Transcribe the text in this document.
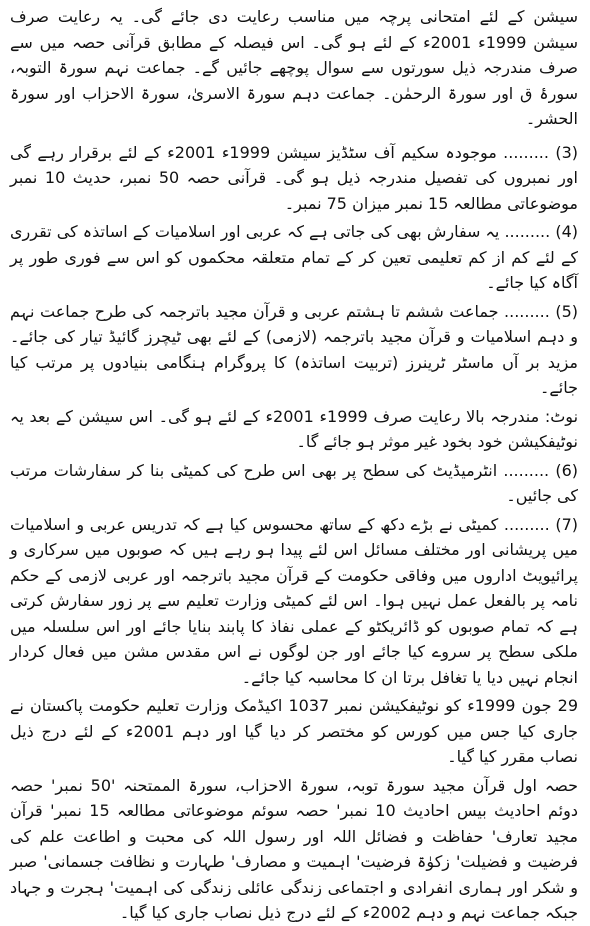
سیشن کے لئے امتحانی پرچہ میں مناسب رعایت دی جائے گی۔ یہ رعایت صرف سیشن 1999ء 2001ء کے لئے ہو گی۔ اس فیصلہ کے مطابق قرآنی حصہ میں سے صرف مندرجہ ذیل سورتوں سے سوال پوچھے جائیں گے۔ جماعت نہم سورۃ التوبہ، سورۂ ق اور سورۃ الرحمٰن۔ جماعت دہم سورۃ الاسریٰ، سورۃ الاحزاب اور سورۃ الحشر۔

(3) ......... موجودہ سکیم آف سٹڈیز سیشن 1999ء 2001ء کے لئے برقرار رہے گی اور نمبروں کی تفصیل مندرجہ ذیل ہو گی۔ قرآنی حصہ 50 نمبر، حدیث 10 نمبر موضوعاتی مطالعہ 15 نمبر میزان 75 نمبر۔

(4) ......... یہ سفارش بھی کی جاتی ہے کہ عربی اور اسلامیات کے اساتذہ کی تقرری کے لئے کم از کم تعلیمی تعین کر کے تمام متعلقہ محکموں کو اس سے فوری طور پر آگاہ کیا جائے۔

(5) ......... جماعت ششم تا ہشتم عربی و قرآن مجید باترجمہ کی طرح جماعت نہم و دہم اسلامیات و قرآن مجید باترجمہ (لازمی) کے لئے بھی ٹیچرز گائیڈ تیار کی جائے۔ مزید بر آں ماسٹر ٹرینرز (تربیت اساتذہ) کا پروگرام ہنگامی بنیادوں پر مرتب کیا جائے۔

نوٹ: مندرجہ بالا رعایت صرف 1999ء 2001ء کے لئے ہو گی۔ اس سیشن کے بعد یہ نوٹیفکیشن خود بخود غیر موثر ہو جائے گا۔

(6) ......... انٹرمیڈیٹ کی سطح پر بھی اس طرح کی کمیٹی بنا کر سفارشات مرتب کی جائیں۔

(7) ......... کمیٹی نے بڑے دکھ کے ساتھ محسوس کیا ہے کہ تدریس عربی و اسلامیات میں پریشانی اور مختلف مسائل اس لئے پیدا ہو رہے ہیں کہ صوبوں میں سرکاری و پرائیویٹ اداروں میں وفاقی حکومت کے قرآن مجید باترجمہ اور عربی لازمی کے حکم نامہ پر بالفعل عمل نہیں ہوا۔ اس لئے کمیٹی وزارت تعلیم سے پر زور سفارش کرتی ہے کہ تمام صوبوں کو ڈائریکٹو کے عملی نفاذ کا پابند بنایا جائے اور اس سلسلہ میں ملکی سطح پر سروے کیا جائے اور جن لوگوں نے اس مقدس مشن میں فعال کردار انجام نہیں دیا یا تغافل برتا ان کا محاسبہ کیا جائے۔

29 جون 1999ء کو نوٹیفکیشن نمبر 1037 اکیڈمک وزارت تعلیم حکومت پاکستان نے جاری کیا جس میں کورس کو مختصر کر دیا گیا اور دہم 2001ء کے لئے درج ذیل نصاب مقرر کیا گیا۔

حصہ اول قرآن مجید سورۃ توبہ، سورۃ الاحزاب، سورۃ الممتحنہ '50 نمبر' حصہ دوئم احادیث بیس احادیث 10 نمبر' حصہ سوئم موضوعاتی مطالعہ 15 نمبر' قرآن مجید تعارف' حفاظت و فضائل اللہ اور رسول اللہ کی محبت و اطاعت علم کی فرضیت و فضیلت' زکوٰۃ فرضیت' اہمیت و مصارف' طہارت و نظافت جسمانی' صبر و شکر اور ہماری انفرادی و اجتماعی زندگی عائلی زندگی کی اہمیت' ہجرت و جہاد جبکہ جماعت نہم و دہم 2002ء کے لئے درج ذیل نصاب جاری کیا گیا۔
